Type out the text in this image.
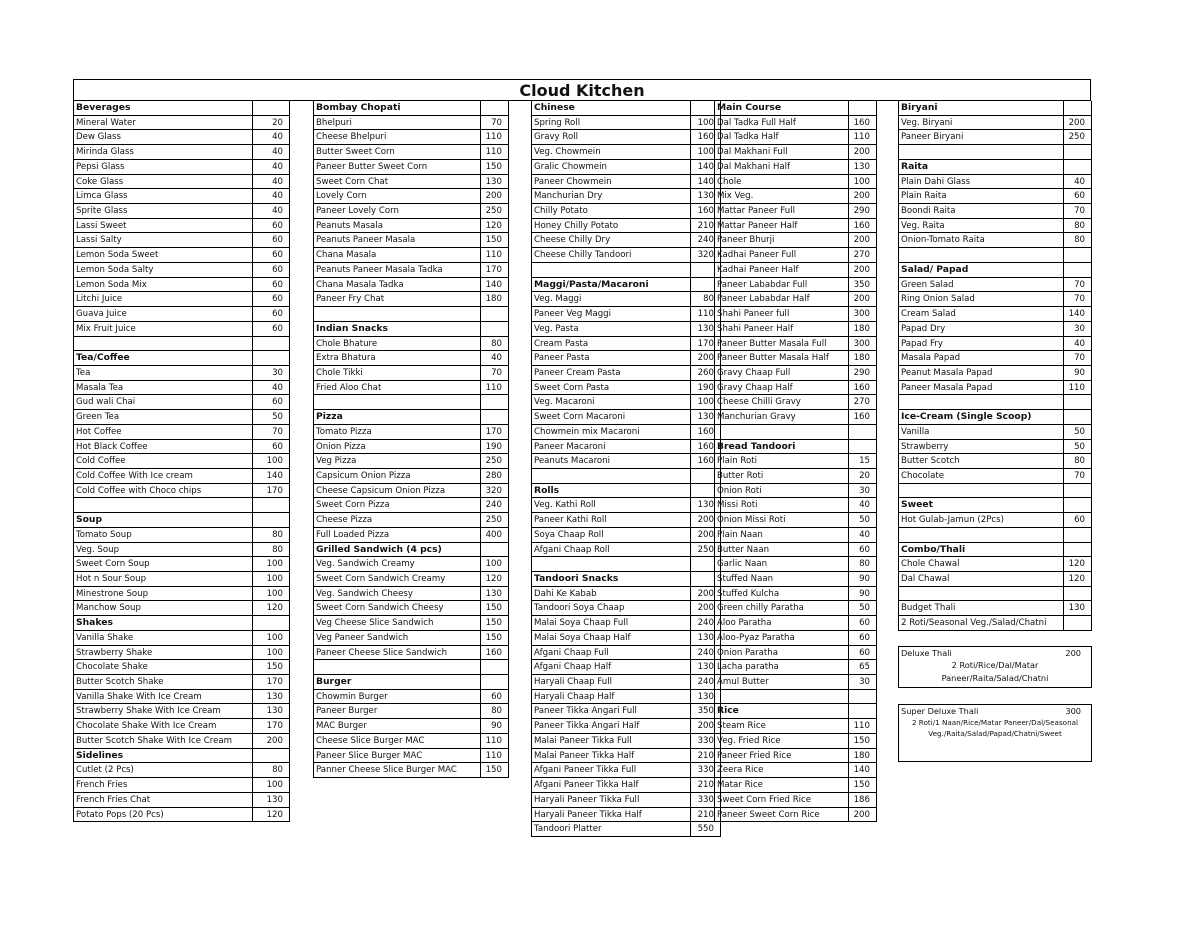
Cloud Kitchen
Beverages
Mineral Water	20
Dew Glass	40
Mirinda Glass	40
Pepsi Glass	40
Coke Glass	40
Limca Glass	40
Sprite Glass	40
Lassi Sweet	60
Lassi Salty	60
Lemon Soda Sweet	60
Lemon Soda Salty	60
Lemon Soda Mix	60
Litchi Juice	60
Guava Juice	60
Mix Fruit Juice	60
Tea/Coffee
Tea	30
Masala Tea	40
Gud wali Chai	60
Green Tea	50
Hot Coffee	70
Hot Black Coffee	60
Cold Coffee	100
Cold Coffee With Ice cream	140
Cold Coffee with Choco chips	170
Soup
Tomato Soup	80
Veg. Soup	80
Sweet Corn Soup	100
Hot n Sour Soup	100
Minestrone Soup	100
Manchow Soup	120
Shakes
Vanilla Shake	100
Strawberry Shake	100
Chocolate Shake	150
Butter Scotch Shake	170
Vanilla Shake With Ice Cream	130
Strawberry Shake With Ice Cream	130
Chocolate Shake With Ice Cream	170
Butter Scotch Shake With Ice Cream	200
Sidelines
Cutlet (2 Pcs)	80
French Fries	100
French Fries Chat	130
Potato Pops (20 Pcs)	120
Bombay Chopati
Bhelpuri	70
Cheese Bhelpuri	110
Butter Sweet Corn	110
Paneer Butter Sweet Corn	150
Sweet Corn Chat	130
Lovely Corn	200
Paneer Lovely Corn	250
Peanuts Masala	120
Peanuts Paneer Masala	150
Chana Masala	110
Peanuts Paneer Masala Tadka	170
Chana Masala Tadka	140
Paneer Fry Chat	180
Indian Snacks
Chole Bhature	80
Extra Bhatura	40
Chole Tikki	70
Fried Aloo Chat	110
Pizza
Tomato Pizza	170
Onion Pizza	190
Veg Pizza	250
Capsicum Onion Pizza	280
Cheese Capsicum Onion Pizza	320
Sweet Corn Pizza	240
Cheese Pizza	250
Full Loaded Pizza	400
Grilled Sandwich (4 pcs)
Veg. Sandwich Creamy	100
Sweet Corn Sandwich Creamy	120
Veg. Sandwich Cheesy	130
Sweet Corn Sandwich Cheesy	150
Veg Cheese Slice Sandwich	150
Veg Paneer Sandwich	150
Paneer Cheese Slice Sandwich	160
Burger
Chowmin Burger	60
Paneer Burger	80
MAC Burger	90
Cheese Slice Burger MAC	110
Paneer Slice Burger MAC	110
Panner Cheese Slice Burger MAC	150
Chinese
Spring Roll	100
Gravy Roll	160
Veg. Chowmein	100
Gralic Chowmein	140
Paneer Chowmein	140
Manchurian Dry	130
Chilly Potato	160
Honey Chilly Potato	210
Cheese Chilly Dry	240
Cheese Chilly Tandoori	320
Maggi/Pasta/Macaroni
Veg. Maggi	80
Paneer Veg Maggi	110
Veg. Pasta	130
Cream Pasta	170
Paneer Pasta	200
Paneer Cream Pasta	260
Sweet Corn Pasta	190
Veg. Macaroni	100
Sweet Corn Macaroni	130
Chowmein mix Macaroni	160
Paneer Macaroni	160
Peanuts Macaroni	160
Rolls
Veg. Kathi Roll	130
Paneer Kathi Roll	200
Soya Chaap Roll	200
Afgani Chaap Roll	250
Tandoori Snacks
Dahi Ke Kabab	200
Tandoori Soya Chaap	200
Malai Soya Chaap Full	240
Malai Soya Chaap Half	130
Afgani Chaap Full	240
Afgani Chaap Half	130
Haryali Chaap Full	240
Haryali Chaap Half	130
Paneer Tikka Angari Full	350
Paneer Tikka Angari Half	200
Malai Paneer Tikka Full	330
Malai Paneer Tikka Half	210
Afgani Paneer Tikka Full	330
Afgani Paneer Tikka Half	210
Haryali Paneer Tikka Full	330
Haryali Paneer Tikka Half	210
Tandoori Platter	550
Main Course
Dal Tadka Full Half	160
Dal Tadka Half	110
Dal Makhani Full	200
Dal Makhani Half	130
Chole	100
Mix Veg.	200
Mattar Paneer Full	290
Mattar Paneer Half	160
Paneer Bhurji	200
Kadhai Paneer Full	270
Kadhai Paneer Half	200
Paneer Lababdar Full	350
Paneer Lababdar Half	200
Shahi Paneer full	300
Shahi Paneer Half	180
Paneer Butter Masala Full	300
Paneer Butter Masala Half	180
Gravy Chaap Full	290
Gravy Chaap Half	160
Cheese Chilli Gravy	270
Manchurian Gravy	160
Bread Tandoori
Plain Roti	15
Butter Roti	20
Onion Roti	30
Missi Roti	40
Onion Missi Roti	50
Plain Naan	40
Butter Naan	60
Garlic Naan	80
Stuffed Naan	90
Stuffed Kulcha	90
Green chilly Paratha	50
Aloo Paratha	60
Aloo-Pyaz Paratha	60
Onion Paratha	60
Lacha paratha	65
Amul Butter	30
Rice
Steam Rice	110
Veg. Fried Rice	150
Paneer Fried Rice	180
Zeera Rice	140
Matar Rice	150
Sweet Corn Fried Rice	186
Paneer Sweet Corn Rice	200
Biryani
Veg. Biryani	200
Paneer Biryani	250
Raita
Plain Dahi Glass	40
Plain Raita	60
Boondi Raita	70
Veg. Raita	80
Onion-Tomato Raita	80
Salad/ Papad
Green Salad	70
Ring Onion Salad	70
Cream Salad	140
Papad Dry	30
Papad Fry	40
Masala Papad	70
Peanut Masala Papad	90
Paneer Masala Papad	110
Ice-Cream (Single Scoop)
Vanilla	50
Strawberry	50
Butter Scotch	80
Chocolate	70
Sweet
Hot Gulab-Jamun (2Pcs)	60
Combo/Thali
Chole Chawal	120
Dal Chawal	120
Budget Thali	130
2 Roti/Seasonal Veg./Salad/Chatni
Deluxe Thali	200
2 Roti/Rice/Dal/Matar
Paneer/Raita/Salad/Chatni
Super Deluxe Thali	300
2 Roti/1 Naan/Rice/Matar Paneer/Dal/Seasonal
Veg./Raita/Salad/Papad/Chatni/Sweet
